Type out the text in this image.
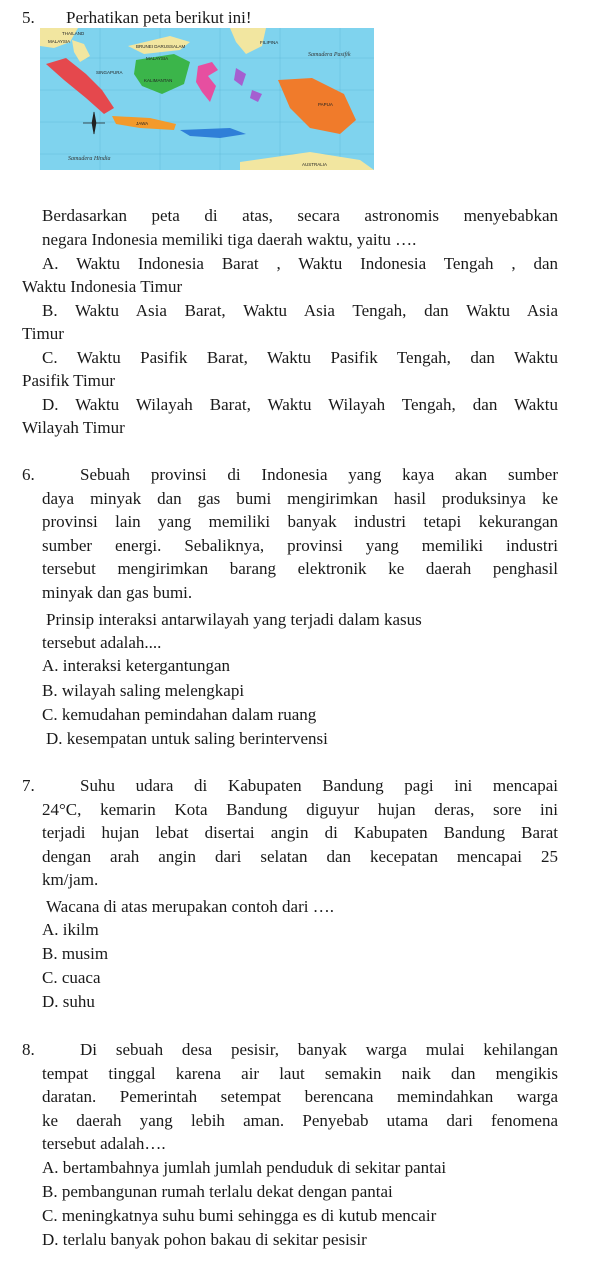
5. Perhatikan peta berikut ini!
THAILAND
MALAYSIA
BRUNEI DARUSSALAM
FILIPINA
Samudera Pasifik
MALAYSIA
SINGAPURA
KALIMANTAN
PAPUA
JAWA
Samudera Hindia
AUSTRALIA
Berdasarkan peta di atas, secara astronomis menyebabkan
negara Indonesia memiliki tiga daerah waktu, yaitu ….
A. Waktu Indonesia Barat , Waktu Indonesia Tengah , dan
Waktu Indonesia Timur
B. Waktu Asia Barat, Waktu Asia Tengah, dan Waktu Asia
Timur
C. Waktu Pasifik Barat, Waktu Pasifik Tengah, dan Waktu
Pasifik Timur
D. Waktu Wilayah Barat, Waktu Wilayah Tengah, dan Waktu
Wilayah Timur
6.	Sebuah provinsi di Indonesia yang kaya akan sumber
daya minyak dan gas bumi mengirimkan hasil produksinya ke
provinsi lain yang memiliki banyak industri tetapi kekurangan
sumber energi. Sebaliknya, provinsi yang memiliki industri
tersebut mengirimkan barang elektronik ke daerah penghasil
minyak dan gas bumi.
Prinsip interaksi antarwilayah yang terjadi dalam kasus
tersebut adalah....
A. interaksi ketergantungan
B. wilayah saling melengkapi
C. kemudahan pemindahan dalam ruang
D. kesempatan untuk saling berintervensi
7.	Suhu udara di Kabupaten Bandung pagi ini mencapai
24°C, kemarin Kota Bandung diguyur hujan deras, sore ini
terjadi hujan lebat disertai angin di Kabupaten Bandung Barat
dengan arah angin dari selatan dan kecepatan mencapai 25
km/jam.
Wacana di atas merupakan contoh dari ….
A. ikilm
B. musim
C. cuaca
D. suhu
8.	Di sebuah desa pesisir, banyak warga mulai kehilangan
tempat tinggal karena air laut semakin naik dan mengikis
daratan. Pemerintah setempat berencana memindahkan warga
ke daerah yang lebih aman. Penyebab utama dari fenomena
tersebut adalah….
A. bertambahnya jumlah jumlah penduduk di sekitar pantai
B. pembangunan rumah terlalu dekat dengan pantai
C. meningkatnya suhu bumi sehingga es di kutub mencair
D. terlalu banyak pohon bakau di sekitar pesisir
